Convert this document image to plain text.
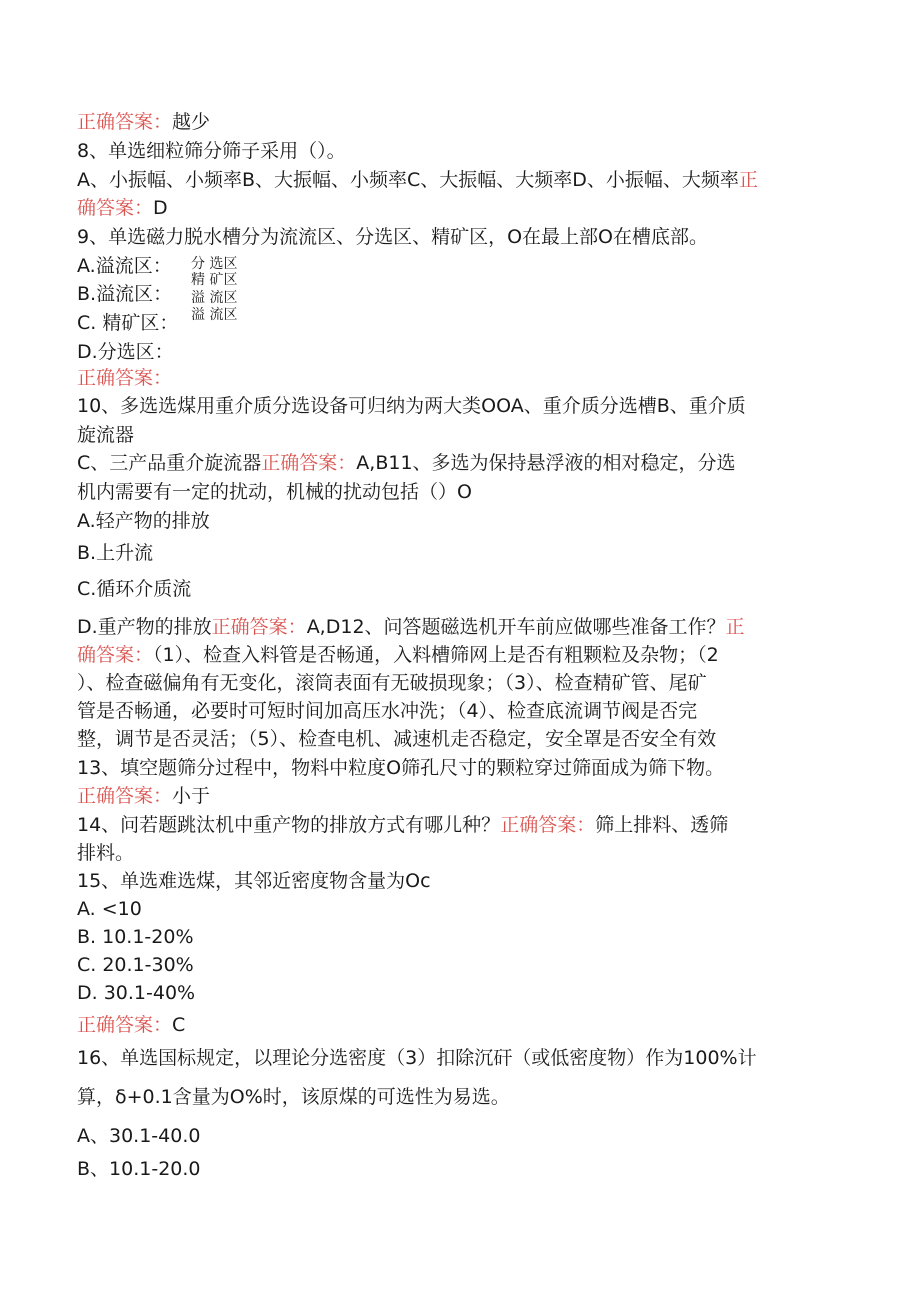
正确答案：越少
8、单选细粒筛分筛子采用（）。
A、小振幅、小频率B、大振幅、小频率C、大振幅、大频率D、小振幅、大频率正
确答案：D
9、单选磁力脱水槽分为流流区、分选区、精矿区，O在最上部O在槽底部。
A.溢流区：
B.溢流区：
C. 精矿区：
D.分选区：
分 选区
精 矿区
溢 流区
溢 流区
正确答案：
10、多选选煤用重介质分选设备可归纳为两大类OOA、重介质分选槽B、重介质
旋流器
C、三产品重介旋流器正确答案：A,B11、多选为保持悬浮液的相对稳定，分选
机内需要有一定的扰动，机械的扰动包括（）O
A.轻产物的排放
B.上升流
C.循环介质流
D.重产物的排放正确答案：A,D12、问答题磁选机开车前应做哪些准备工作？正
确答案：（1）、检查入料管是否畅通，入料槽筛网上是否有粗颗粒及杂物；（2
）、检查磁偏角有无变化，滚筒表面有无破损现象；（3）、检查精矿管、尾矿
管是否畅通，必要时可短时间加高压水冲洗；（4）、检查底流调节阀是否完
整，调节是否灵活；（5）、检查电机、减速机走否稳定，安全罩是否安全有效
13、填空题筛分过程中，物料中粒度O筛孔尺寸的颗粒穿过筛面成为筛下物。
正确答案：小于
14、问若题跳汰机中重产物的排放方式有哪儿种？正确答案：筛上排料、透筛
排料。
15、单选难选煤，其邻近密度物含量为Oc
A. <10
B. 10.1-20%
C. 20.1-30%
D. 30.1-40%
正确答案：C
16、单选国标规定，以理论分选密度（3）扣除沉矸（或低密度物）作为100%计
算，δ+0.1含量为O%时，该原煤的可选性为易选。
A、30.1-40.0
B、10.1-20.0
